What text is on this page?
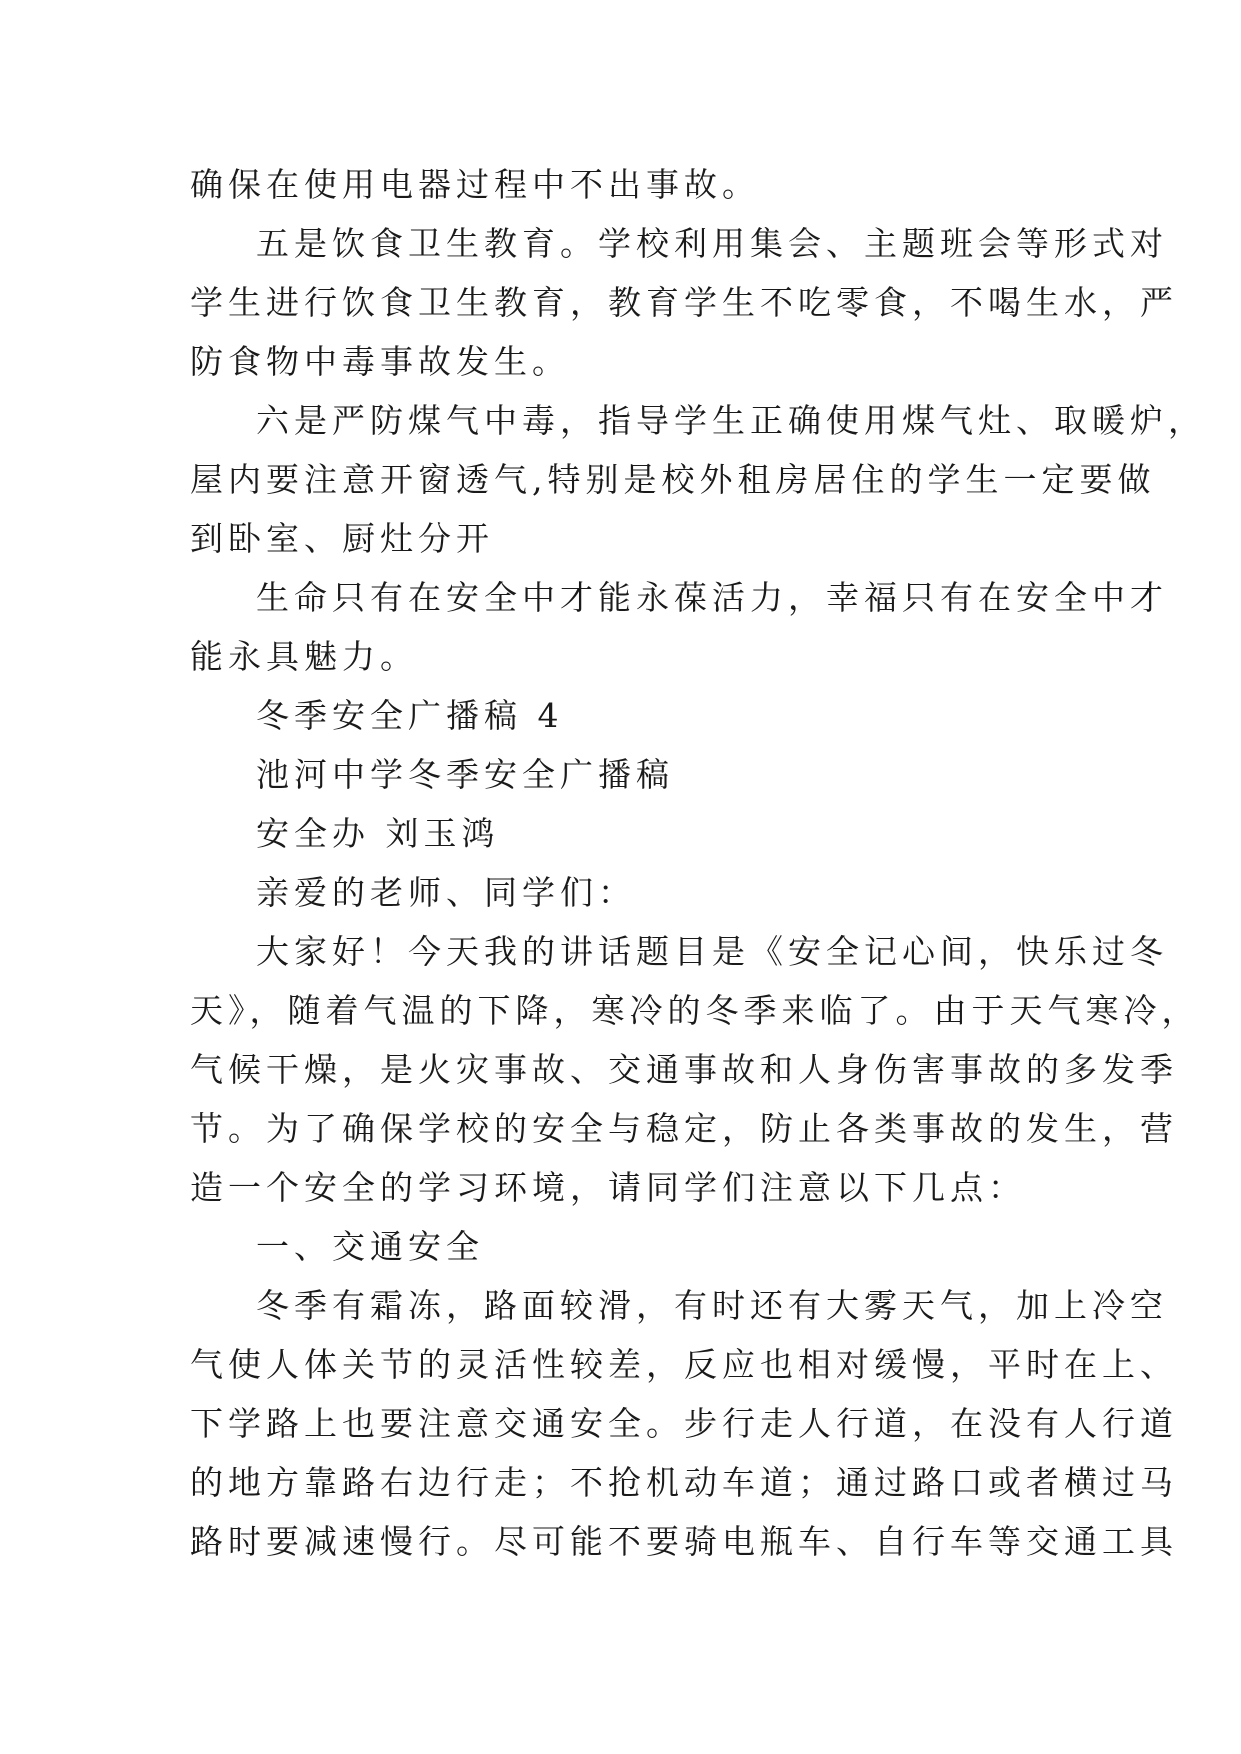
确保在使用电器过程中不出事故。
五是饮食卫生教育。学校利用集会、主题班会等形式对
学生进行饮食卫生教育，教育学生不吃零食，不喝生水，严
防食物中毒事故发生。
六是严防煤气中毒，指导学生正确使用煤气灶、取暖炉，
屋内要注意开窗透气,特别是校外租房居住的学生一定要做
到卧室、厨灶分开
生命只有在安全中才能永葆活力，幸福只有在安全中才
能永具魅力。
冬季安全广播稿 4
池河中学冬季安全广播稿
安全办 刘玉鸿
亲爱的老师、同学们：
大家好！今天我的讲话题目是《安全记心间，快乐过冬
天》，随着气温的下降，寒冷的冬季来临了。由于天气寒冷，
气候干燥，是火灾事故、交通事故和人身伤害事故的多发季
节。为了确保学校的安全与稳定，防止各类事故的发生，营
造一个安全的学习环境，请同学们注意以下几点：
一、交通安全
冬季有霜冻，路面较滑，有时还有大雾天气，加上冷空
气使人体关节的灵活性较差，反应也相对缓慢，平时在上、
下学路上也要注意交通安全。步行走人行道，在没有人行道
的地方靠路右边行走；不抢机动车道；通过路口或者横过马
路时要减速慢行。尽可能不要骑电瓶车、自行车等交通工具
